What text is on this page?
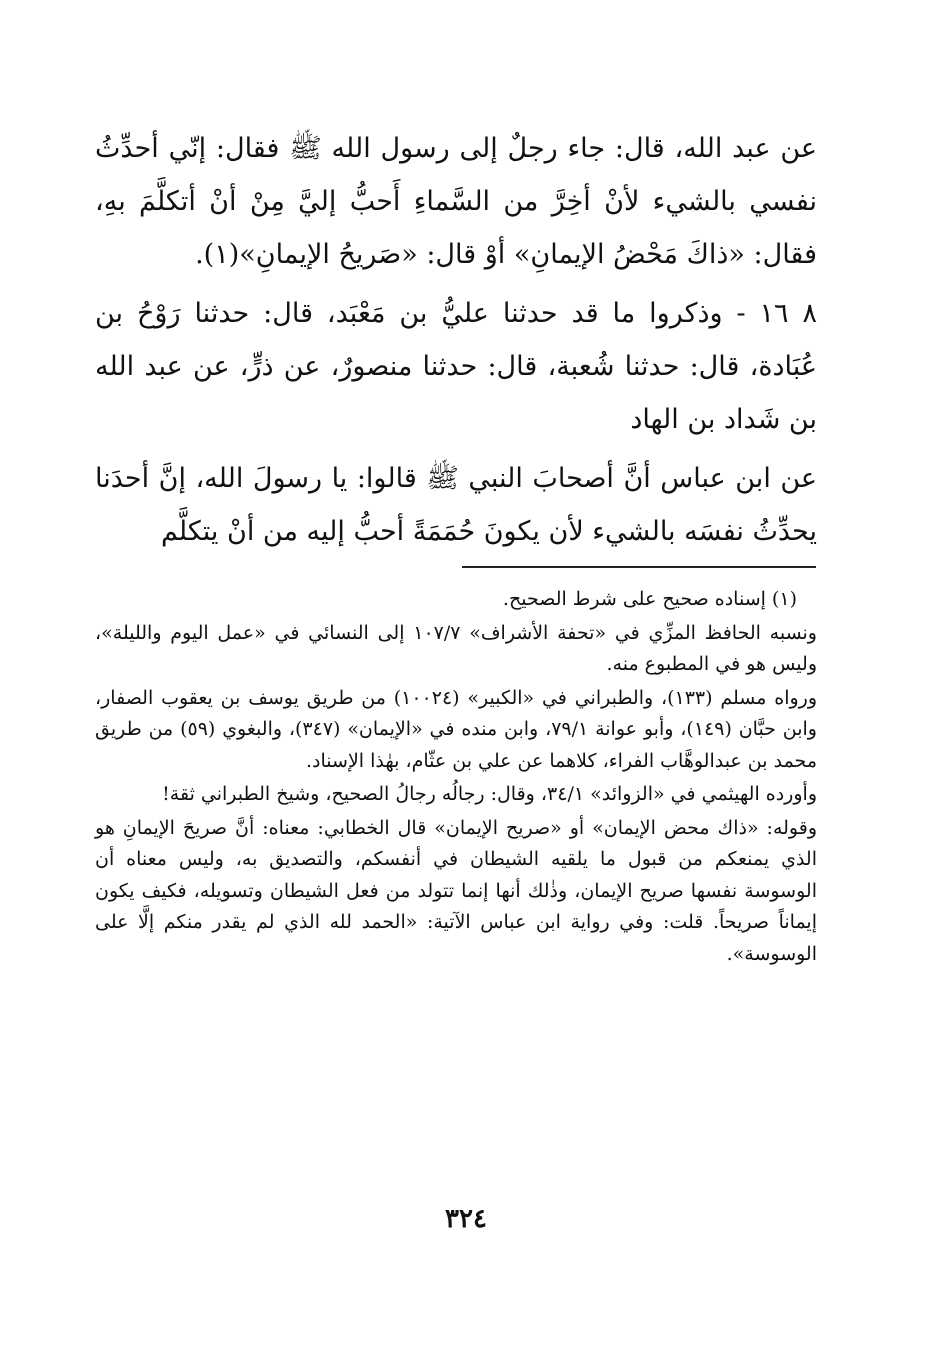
عن عبد الله، قال: جاء رجلٌ إلى رسول الله ﷺ فقال: إنّي أحدِّثُ نفسي بالشيء لأنْ أخِرَّ من السَّماءِ أَحبُّ إليَّ مِنْ أنْ أتكلَّمَ بهِ، فقال: «ذاكَ مَحْضُ الإيمانِ» أوْ قال: «صَريحُ الإيمانِ»(١).

٨ ١٦ - وذكروا ما قد حدثنا عليُّ بن مَعْبَد، قال: حدثنا رَوْحُ بن عُبَادة، قال: حدثنا شُعبة، قال: حدثنا منصورٌ، عن ذرٍّ، عن عبد الله بن شَداد بن الهاد

عن ابن عباس أنَّ أصحابَ النبي ﷺ قالوا: يا رسولَ الله، إنَّ أحدَنا يحدِّثُ نفسَه بالشيء لأن يكونَ حُمَمَةً أحبُّ إليه من أنْ يتكلَّم

(١) إسناده صحيح على شرط الصحيح.

ونسبه الحافظ المزِّي في «تحفة الأشراف» ١٠٧/٧ إلى النسائي في «عمل اليوم والليلة»، وليس هو في المطبوع منه.

ورواه مسلم (١٣٣)، والطبراني في «الكبير» (١٠٠٢٤) من طريق يوسف بن يعقوب الصفار، وابن حبَّان (١٤٩)، وأبو عوانة ٧٩/١، وابن منده في «الإيمان» (٣٤٧)، والبغوي (٥٩) من طريق محمد بن عبدالوهَّاب الفراء، كلاهما عن علي بن عثّام، بهٰذا الإسناد.

وأورده الهيثمي في «الزوائد» ٣٤/١، وقال: رجالُه رجالُ الصحيح، وشيخ الطبراني ثقة!

وقوله: «ذاك محض الإيمان» أو «صريح الإيمان» قال الخطابي: معناه: أنَّ صريحَ الإيمانِ هو الذي يمنعكم من قبول ما يلقيه الشيطان في أنفسكم، والتصديق به، وليس معناه أن الوسوسة نفسها صريح الإيمان، وذٰلك أنها إنما تتولد من فعل الشيطان وتسويله، فكيف يكون إيماناً صريحاً. قلت: وفي رواية ابن عباس الآتية: «الحمد لله الذي لم يقدر منكم إلَّا على الوسوسة».

٣٢٤
